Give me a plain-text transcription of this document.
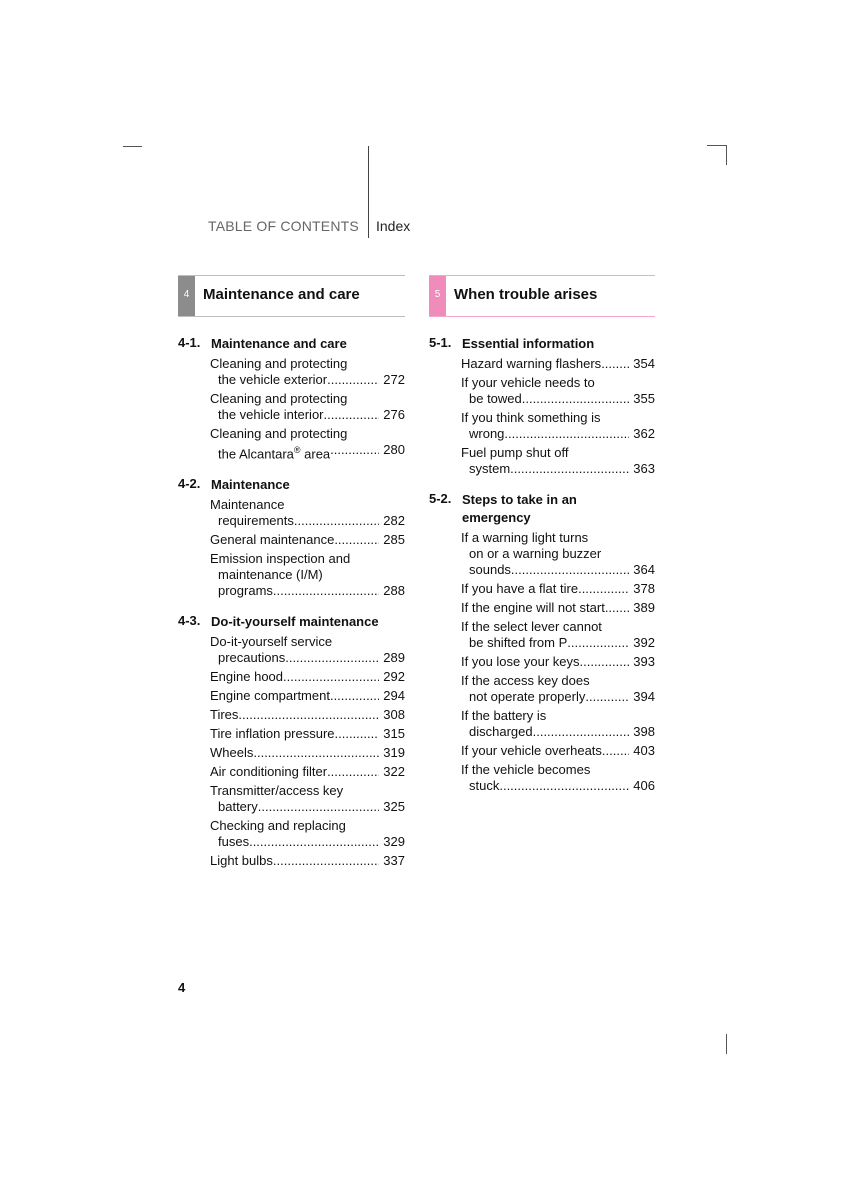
TABLE OF CONTENTS Index
4 Maintenance and care
4-1. Maintenance and care
Cleaning and protecting
the vehicle exterior .....	272
Cleaning and protecting
the vehicle interior .....	276
Cleaning and protecting
the Alcantara® area .....	280
4-2. Maintenance
Maintenance
requirements .....	282
General maintenance .....	285
Emission inspection and
maintenance (I/M)
programs .....	288
4-3. Do-it-yourself maintenance
Do-it-yourself service
precautions .....	289
Engine hood .....	292
Engine compartment .....	294
Tires .....	308
Tire inflation pressure .....	315
Wheels .....	319
Air conditioning filter .....	322
Transmitter/access key
battery .....	325
Checking and replacing
fuses .....	329
Light bulbs .....	337
5 When trouble arises
5-1. Essential information
Hazard warning flashers .....	354
If your vehicle needs to
be towed .....	355
If you think something is
wrong .....	362
Fuel pump shut off
system .....	363
5-2. Steps to take in an
emergency
If a warning light turns
on or a warning buzzer
sounds... .....	364
If you have a flat tire .....	378
If the engine will not start .....	389
If the select lever cannot
be shifted from P .....	392
If you lose your keys .....	393
If the access key does
not operate properly .....	394
If the battery is
discharged .....	398
If your vehicle overheats .....	403
If the vehicle becomes
stuck .....	406
4
